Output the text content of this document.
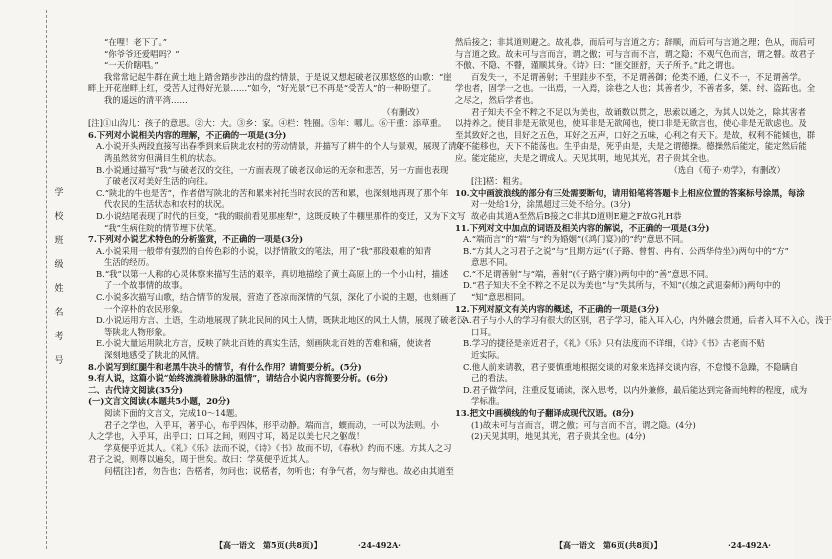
学
校
班
级
姓
名
考
号
“在哩！老下了。”
“你爷爷还爱唱吗？”
“一天价瞎唱。”
我常常记起牛群在黄土地上踏舍踏步涉出的盘约情景，于是说又想起破老汉那悠悠的山歌：“崖
畔上开花崖畔上红，受苦人过得好光景……”如今，“好光景”已不再是“受苦人”的一种盼望了。
我的遥远的清平湾……
（有删改）
[注]①山沟儿：孩子的意思。②大：大。③乡：家。④栏：牲圈。⑤年：哪儿。⑥干重：添草重。
6.下列对小说相关内容的理解，不正确的一项是(3分)
A.小说开头两段直接写出春季到来后陕北农村的劳动情景，并描写了耕牛的个人与景观，展现了清平
湾虽然贫穷但满目生机的状态。
B.小说通过描写“我”与破老汉的交往，一方面表现了破老汉命运的无奈和悲苦，另一方面也表现
了破老汉对美好生活的向往。
C.“陕北的牛也是苦”，作者借写陕北的苦和累来衬托当时农民的苦和累，也深刻地再现了那个年
代农民的生活状态和农村的状况。
D.小说结尾表现了时代的巨变，“我的眼前看见那座犁”，这既反映了牛棚里那件的变迁，又为下文写
“我”生病住院的情节埋下伏笔。
7.下列对小说艺术特色的分析鉴赏，不正确的一项是(3分)
A.小说采用一般带有强烈的自传色彩的小说，以抒情散文的笔法，用了“我”那段艰难的知青
生活的经历。
B.“我”以第一人称的心灵体察来描写生活的艰辛，真切地描绘了黄土高原上的一个小山村，描述
了一个故事情的故事。
C.小说多次描写山歌，结合情节的发展，营造了苍凉而深情的气氛，深化了小说的主题，也刻画了
一个淳朴的农民形象。
D.小说运用方言、土语，生动地展现了陕北民间的风土人情，既陕北地区的风土人情，展现了破老汉
等陕北人物形象。
E.小说大量运用陕北方言，反映了陕北百姓的真实生活，刻画陕北百姓的苦难和痛，使读者
深刻地感受了陕北的风情。
8.小说写到红腿牛和老黑牛决斗的情节，有什么作用？请简要分析。(5分)
9.有人说，这篇小说“始终流淌着脉脉的温情”，请结合小说内容简要分析。(6分)
二、古代诗文阅读(35分)
(一)文言文阅读(本题共5小题，20分)
阅读下面的文言文，完成10～14题。
君子之学也，入乎耳，著乎心，布乎四体，形乎动静。端而言，蝡而动，一可以为法则。小
人之学也，入乎耳，出乎口；口耳之间，则四寸耳，曷足以美七尺之躯哉！
学莫便乎近其人。《礼》《乐》法而不说，《诗》《书》故而不切，《春秋》约而不速。方其人之习
君子之说，则尊以遍矣，周于世矣。故曰：学莫便乎近其人。
问楛[注]者，勿告也；告楛者，勿问也；说楛者，勿听也；有争气者，勿与辩也。故必由其道至
然后接之；非其道则避之。故礼恭，而后可与言道之方；辞顺，而后可与言道之理；色从，而后可
与言道之致。故未可与言而言，谓之傲；可与言而不言，谓之隐；不观气色而言，谓之瞽。故君子
不傲、不隐、不瞽，谨顺其身。《诗》曰：“匪交匪舒，天子所予。”此之谓也。
百发失一，不足谓善射；千里跬步不至，不足谓善御；伦类不通，仁义不一，不足谓善学。
学也者，固学一之也。一出焉，一入焉，涂巷之人也；其善者少，不善者多，桀、纣、盗跖也。全
之尽之，然后学者也。
君子知夫不全不粹之不足以为美也，故诵数以贯之，思索以通之，为其人以处之，除其害者
以持养之。使目非是无欲见也，使耳非是无欲闻也，使口非是无欲言也，使心非是无欲虑也。及
至其致好之也，目好之五色，耳好之五声，口好之五味，心利之有天下。是故，权利不能倾也，群
众不能移也，天下不能荡也。生乎由是，死乎由是，夫是之谓德操。德操然后能定，能定然后能
应。能定能应，夫是之谓成人。天见其明，地见其光，君子贵其全也。
（选自《荀子·劝学》，有删改）
[注]楛：粗劣。
10.文中画波浪线的部分有三处需要断句，请用铅笔将答题卡上相应位置的答案标号涂黑，每涂
对一处给1分，涂黑超过三处不给分。(3分)
故必由其道A至然后B接之C非其D道则E避之F故G礼H恭
11.下列对文中加点的词语及相关内容的解说，不正确的一项是(3分)
A.“端而言”的“端”与“约为婚姻”(《鸿门宴》)的“约”意思不同。
B.“方其人之习君子之说”与“且期方远”(《子路、曾皙、冉有、公西华侍坐》)两句中的“方”
意思不同。
C.“不足谓善射”与“端，善射”(《子路宁赓》)两句中的“善”意思不同。
D.“君子知夫不全不粹之不足以为美也”与“失其所与，不知”(《烛之武退秦师》)两句中的
“知”意思相同。
12.下列对原文有关内容的概述，不正确的一项是(3分)
A.君子与小人的学习有很大的区别，君子学习，能入耳入心，内外融会贯通，后者入耳不入心，浅于
口耳。
B.学习的捷径是亲近君子，《礼》《乐》只有法度而不详细，《诗》《书》古老而不贴
近实际。
C.他人前来请教，君子要慎重地根据交谈的对象来选择交谈内容，不怠慢不急躁，不隐瞒自
己的看法。
D.君子做学问，注重反复诵读，深入思考，以内外兼修，最后能达到完备而纯粹的程度，成为
学标准。
13.把文中画横线的句子翻译成现代汉语。(8分)
(1)故未可与言而言，谓之傲；可与言而不言，谓之隐。(4分)
(2)天见其明，地见其光，君子贵其全也。(4分)
【高一语文　第5页(共8页)】	·24-492A·	【高一语文　第6页(共8页)】	·24-492A·
